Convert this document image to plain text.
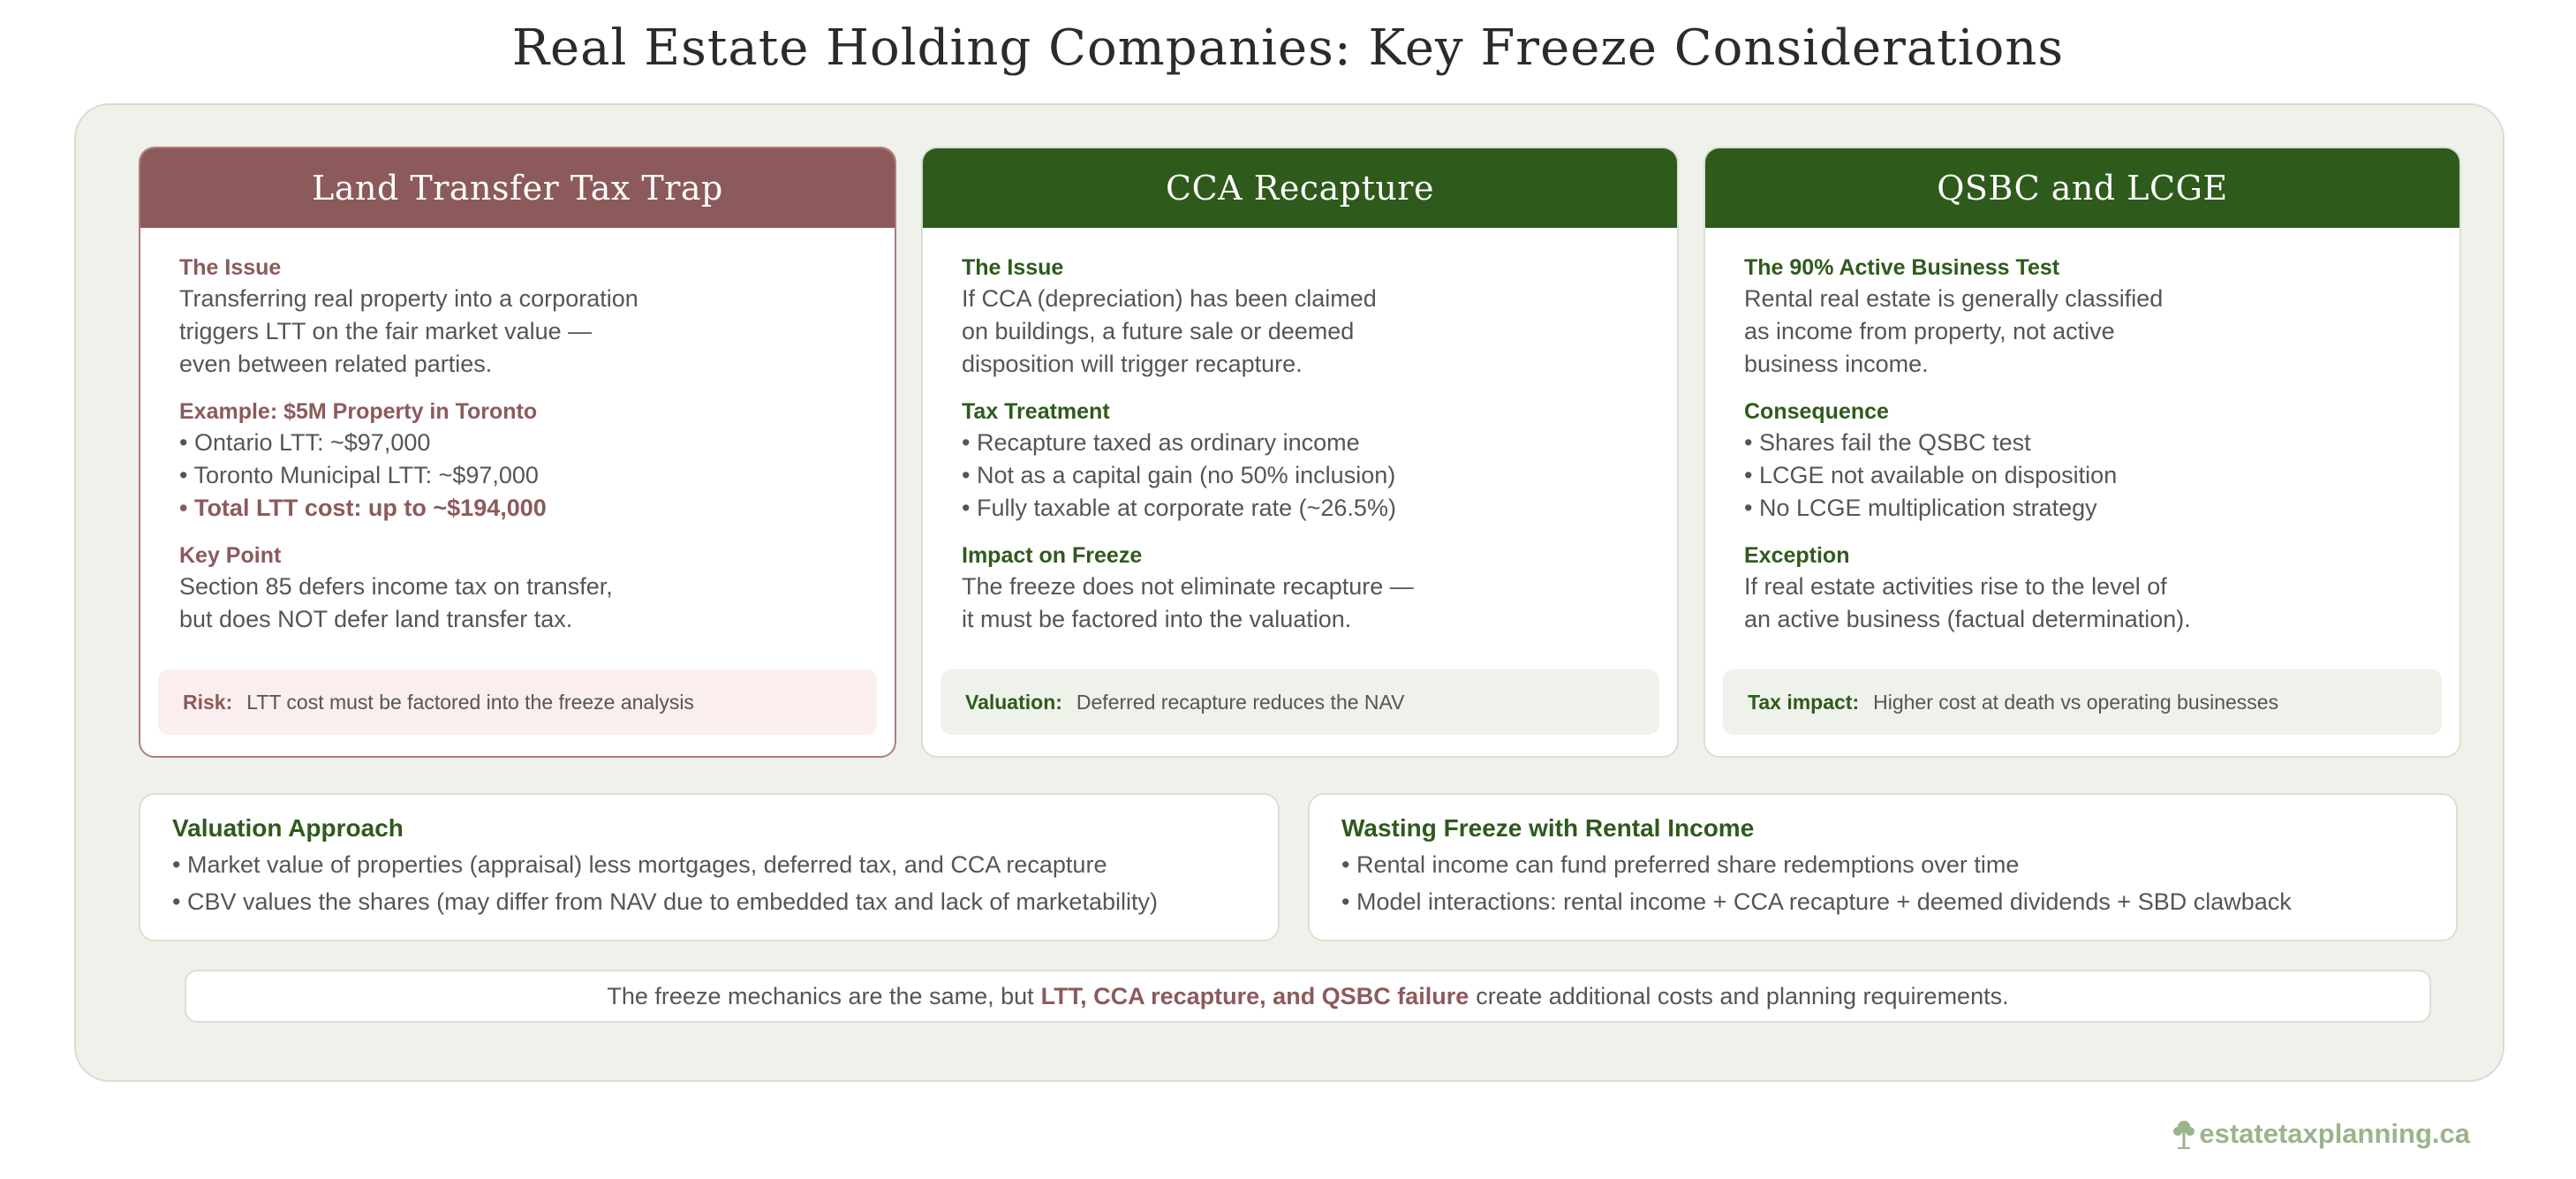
Real Estate Holding Companies: Key Freeze Considerations
Land Transfer Tax Trap
The Issue
Transferring real property into a corporation
triggers LTT on the fair market value —
even between related parties.
Example: $5M Property in Toronto
• Ontario LTT: ~$97,000
• Toronto Municipal LTT: ~$97,000
• Total LTT cost: up to ~$194,000
Key Point
Section 85 defers income tax on transfer,
but does NOT defer land transfer tax.
Risk: LTT cost must be factored into the freeze analysis
CCA Recapture
The Issue
If CCA (depreciation) has been claimed
on buildings, a future sale or deemed
disposition will trigger recapture.
Tax Treatment
• Recapture taxed as ordinary income
• Not as a capital gain (no 50% inclusion)
• Fully taxable at corporate rate (~26.5%)
Impact on Freeze
The freeze does not eliminate recapture —
it must be factored into the valuation.
Valuation: Deferred recapture reduces the NAV
QSBC and LCGE
The 90% Active Business Test
Rental real estate is generally classified
as income from property, not active
business income.
Consequence
• Shares fail the QSBC test
• LCGE not available on disposition
• No LCGE multiplication strategy
Exception
If real estate activities rise to the level of
an active business (factual determination).
Tax impact: Higher cost at death vs operating businesses
Valuation Approach
• Market value of properties (appraisal) less mortgages, deferred tax, and CCA recapture
• CBV values the shares (may differ from NAV due to embedded tax and lack of marketability)
Wasting Freeze with Rental Income
• Rental income can fund preferred share redemptions over time
• Model interactions: rental income + CCA recapture + deemed dividends + SBD clawback
The freeze mechanics are the same, but LTT, CCA recapture, and QSBC failure create additional costs and planning requirements.
estatetaxplanning.ca
